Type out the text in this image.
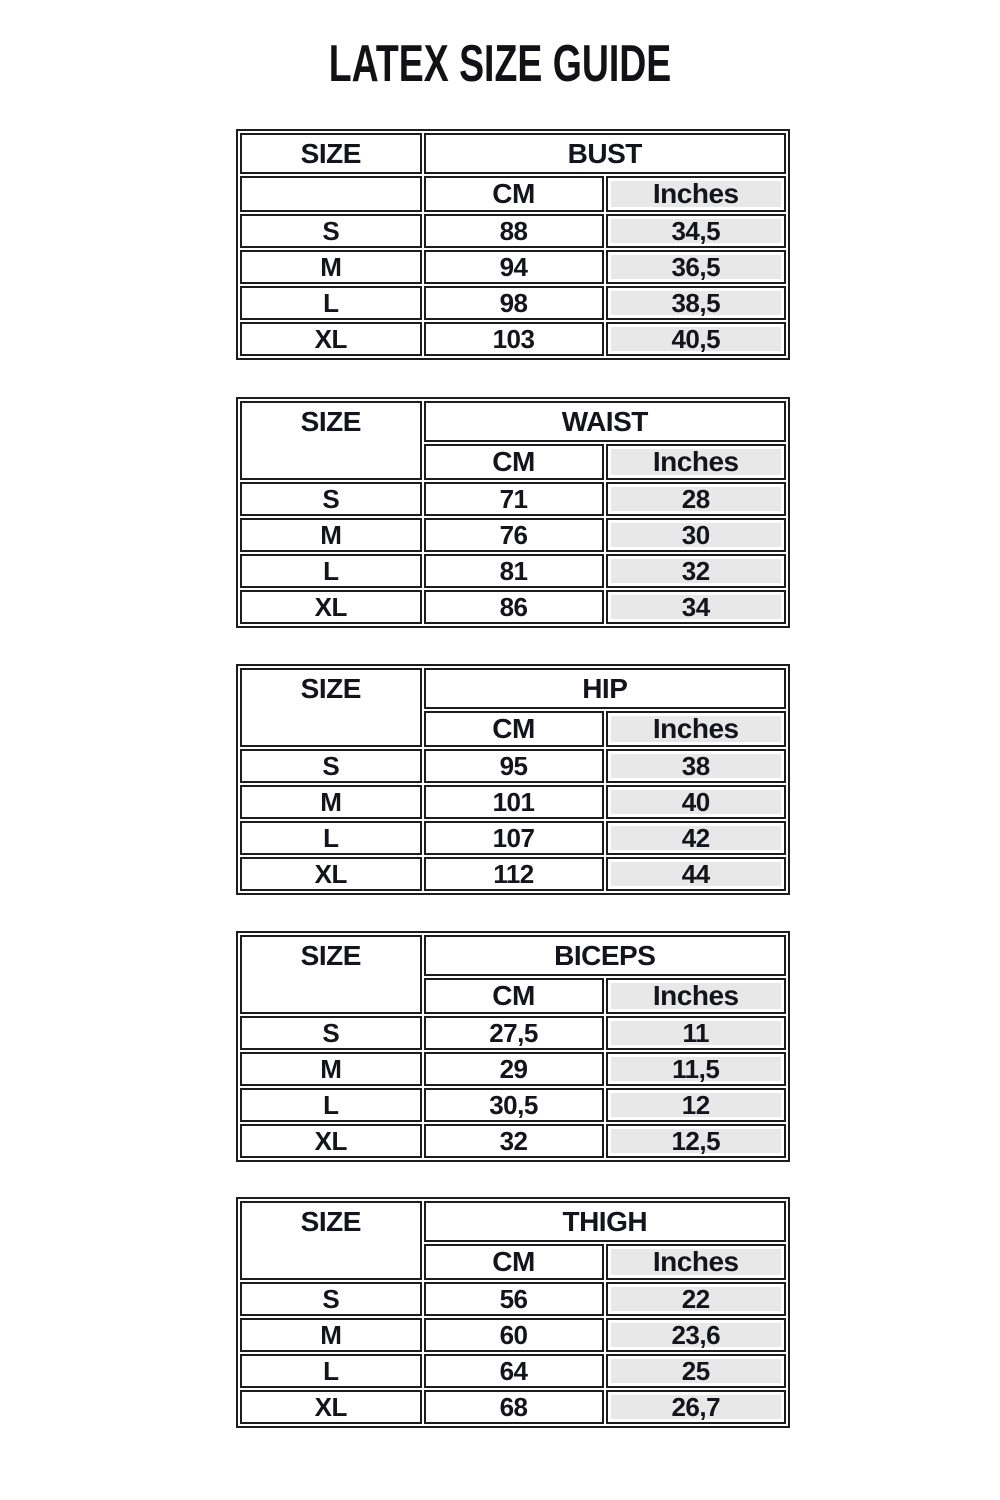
LATEX SIZE GUIDE
SIZE	BUST	
	CM	Inches
S	88	34,5
M	94	36,5
L	98	38,5
XL	103	40,5
SIZE	WAIST	
	CM	Inches
S	71	28
M	76	30
L	81	32
XL	86	34
SIZE	HIP	
	CM	Inches
S	95	38
M	101	40
L	107	42
XL	112	44
SIZE	BICEPS	
	CM	Inches
S	27,5	11
M	29	11,5
L	30,5	12
XL	32	12,5
SIZE	THIGH	
	CM	Inches
S	56	22
M	60	23,6
L	64	25
XL	68	26,7
